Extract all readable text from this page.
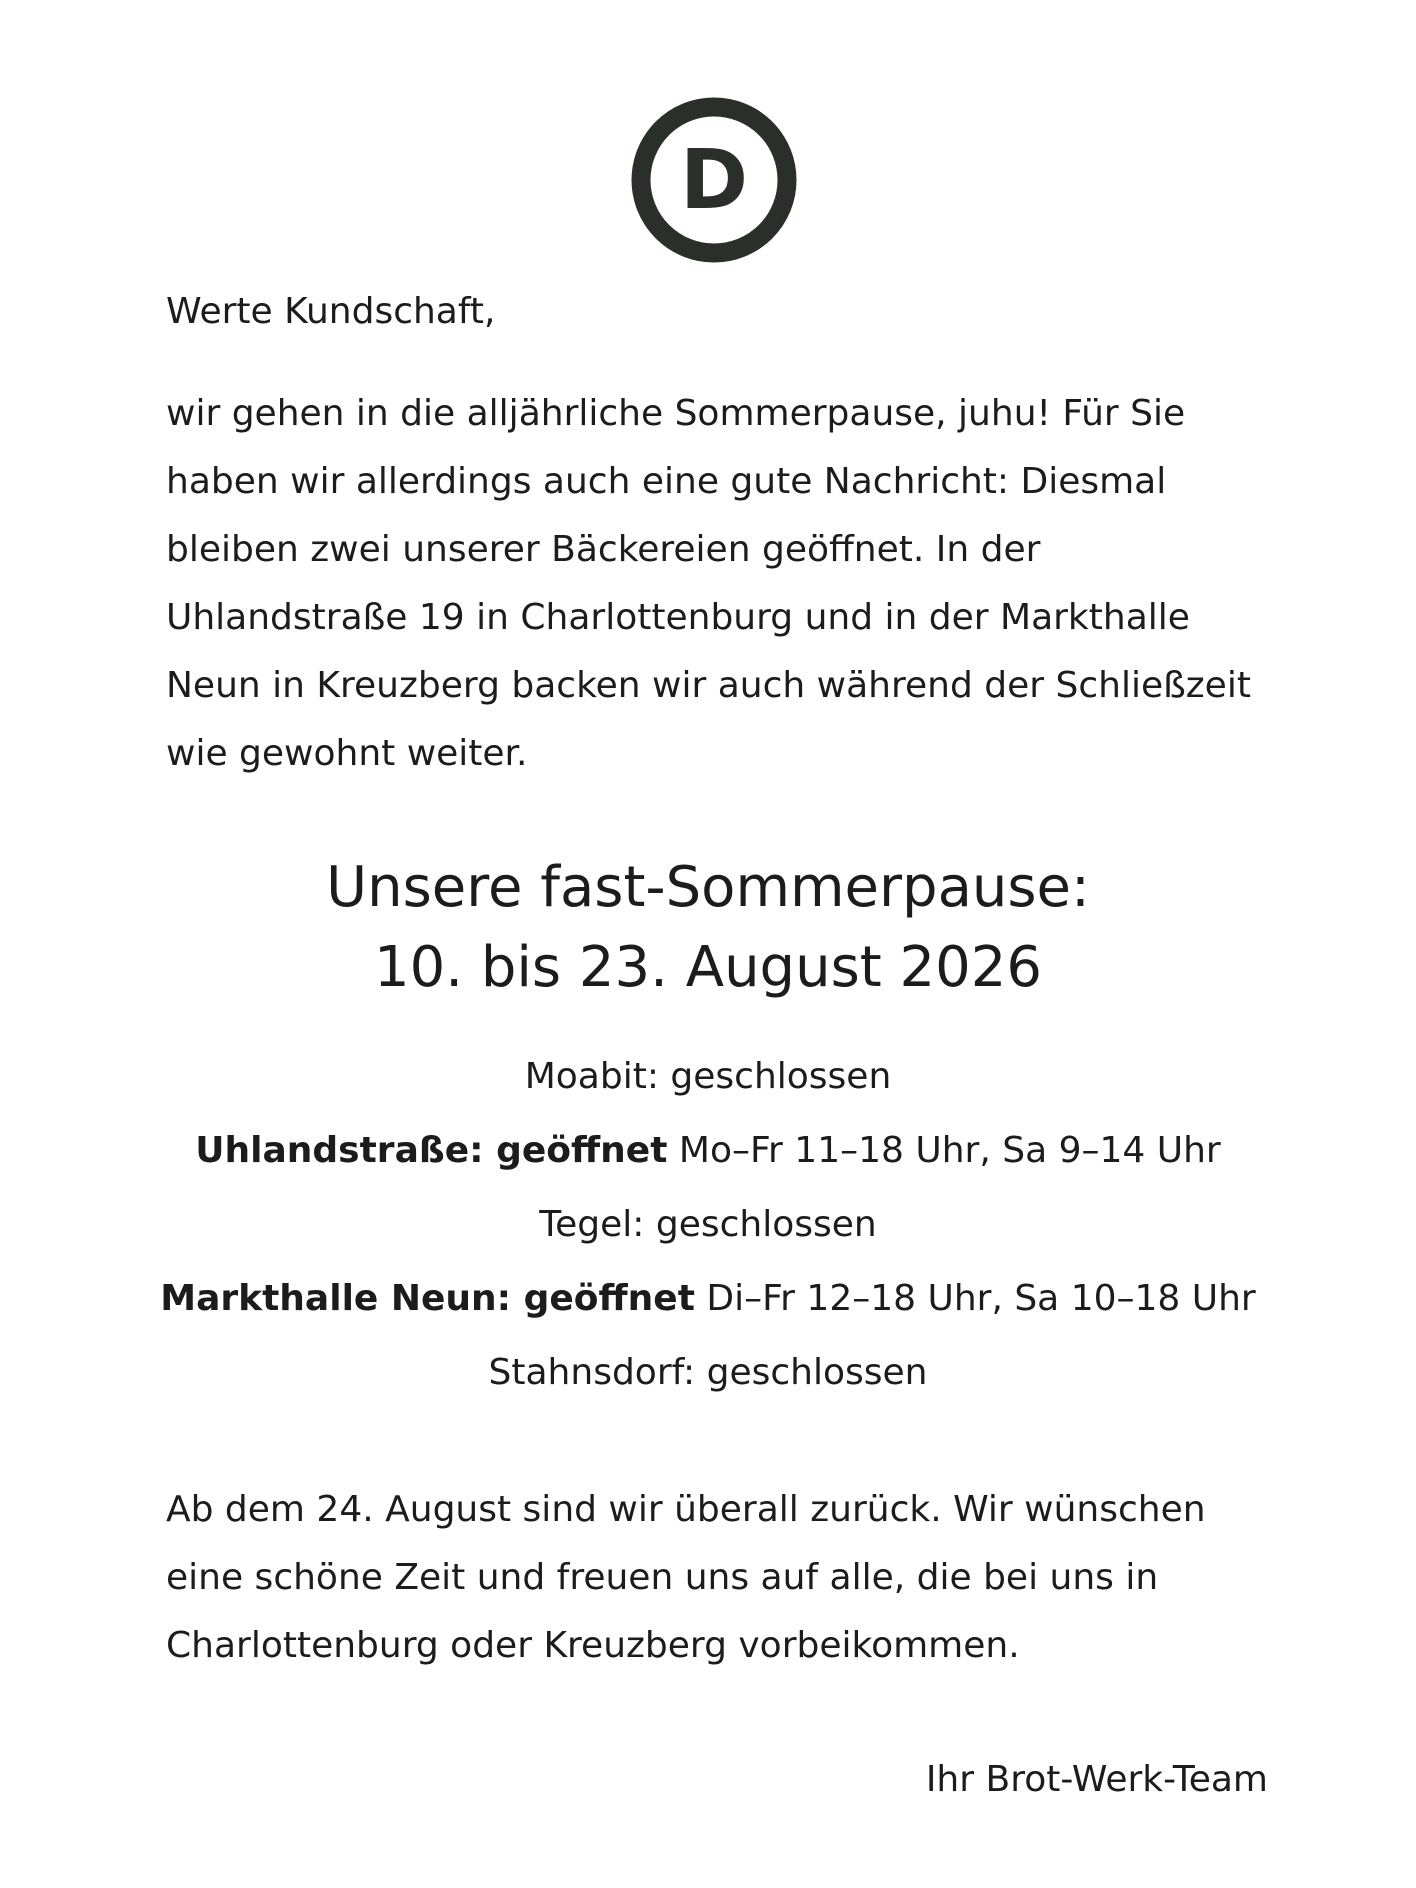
D
Werte Kundschaft,
wir gehen in die alljährliche Sommerpause, juhu! Für Sie
haben wir allerdings auch eine gute Nachricht: Diesmal
bleiben zwei unserer Bäckereien geöffnet. In der
Uhlandstraße 19 in Charlottenburg und in der Markthalle
Neun in Kreuzberg backen wir auch während der Schließzeit
wie gewohnt weiter.
Unsere fast-Sommerpause:
10. bis 23. August 2026
Moabit: geschlossen
Uhlandstraße: geöffnet Mo–Fr 11–18 Uhr, Sa 9–14 Uhr
Tegel: geschlossen
Markthalle Neun: geöffnet Di–Fr 12–18 Uhr, Sa 10–18 Uhr
Stahnsdorf: geschlossen
Ab dem 24. August sind wir überall zurück. Wir wünschen
eine schöne Zeit und freuen uns auf alle, die bei uns in
Charlottenburg oder Kreuzberg vorbeikommen.
Ihr Brot-Werk-Team
